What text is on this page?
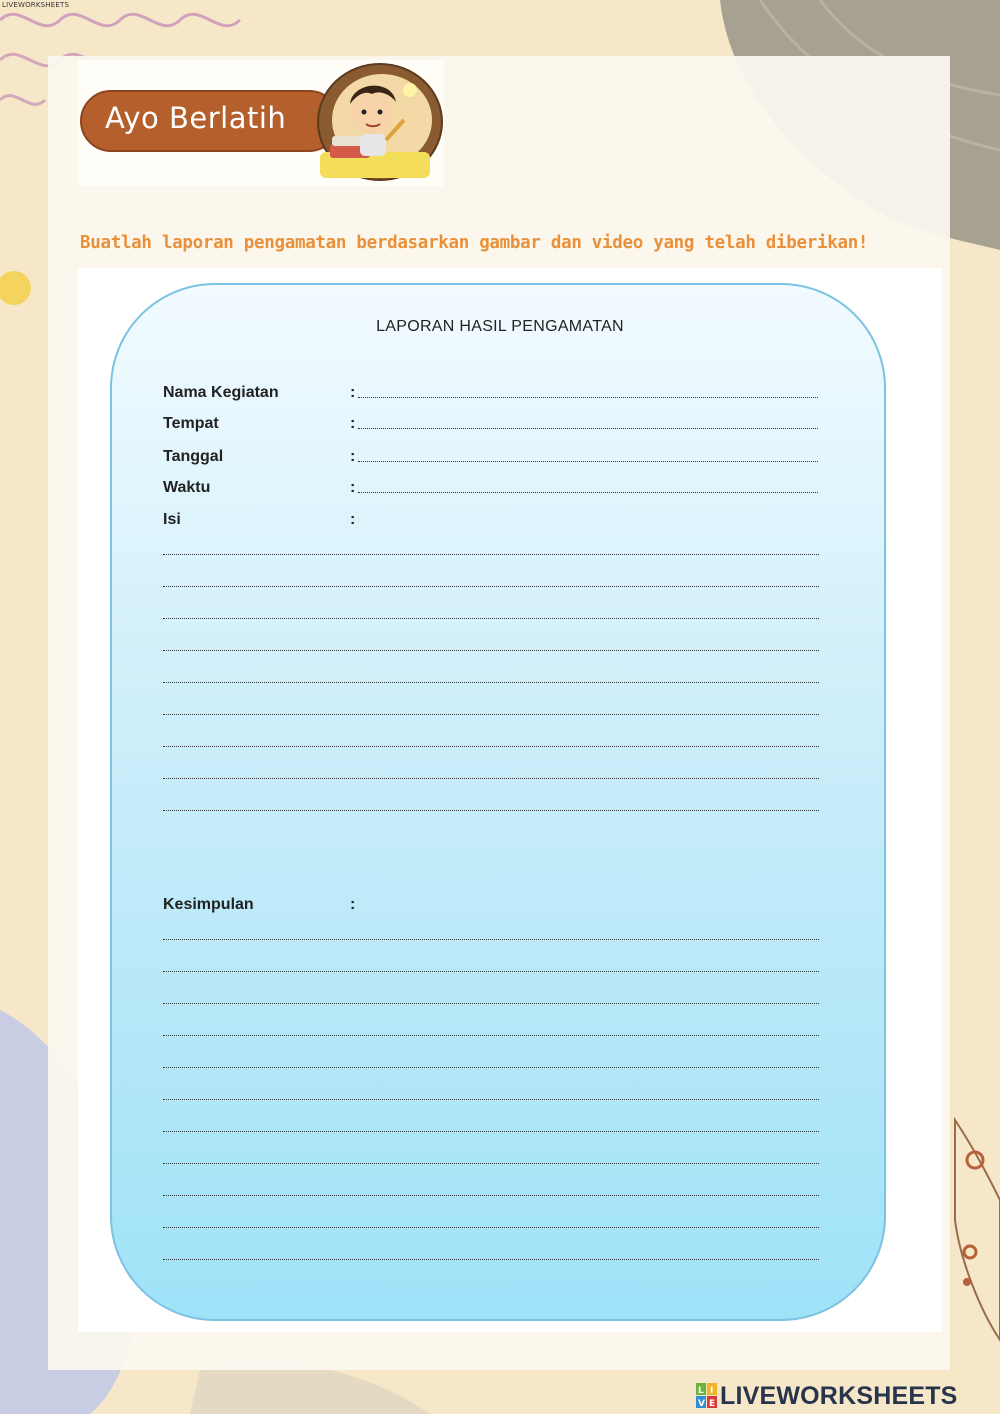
LIVEWORKSHEETS
Ayo Berlatih
Buatlah laporan pengamatan berdasarkan gambar dan video yang telah diberikan!
LAPORAN HASIL PENGAMATAN
Nama Kegiatan	:
Tempat	:
Tanggal	:
Waktu	:
Isi	:
Kesimpulan	:
L I
V E LIVEWORKSHEETS
